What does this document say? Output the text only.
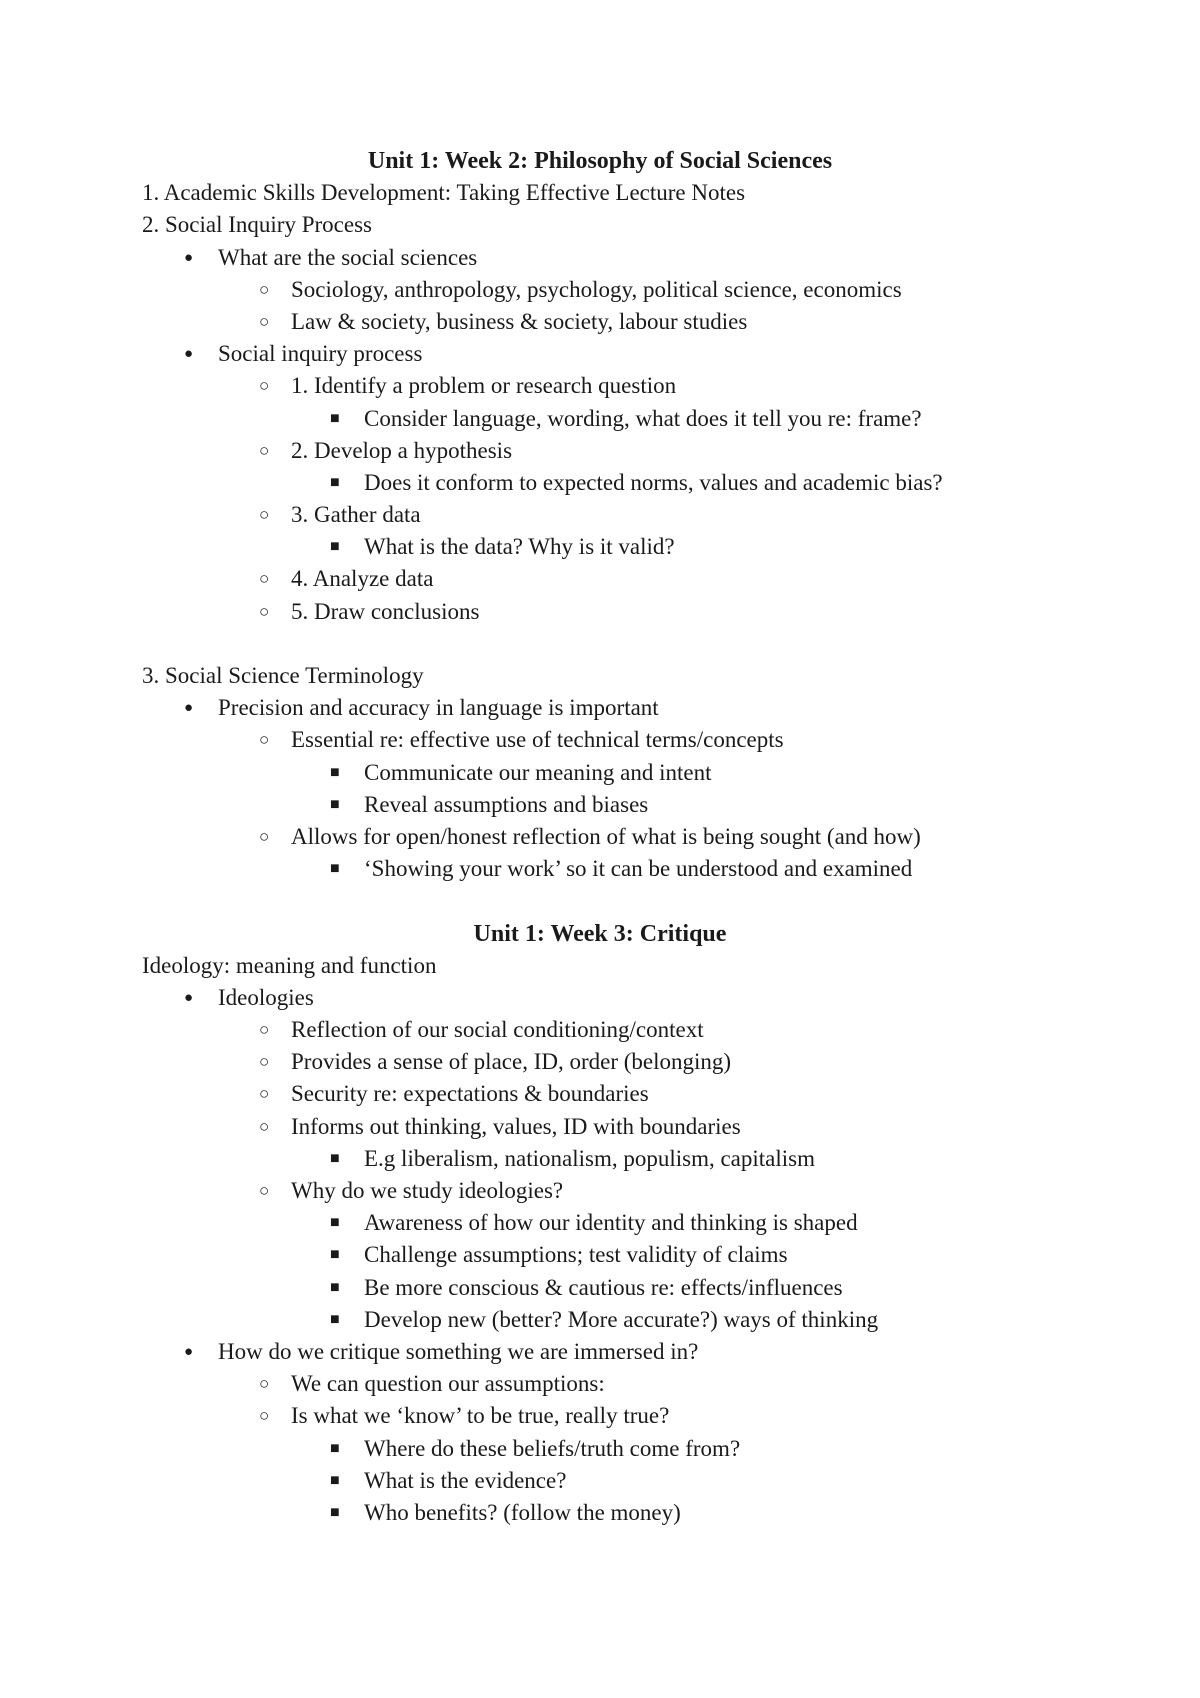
Unit 1: Week 2: Philosophy of Social Sciences
1. Academic Skills Development: Taking Effective Lecture Notes
2. Social Inquiry Process
● What are the social sciences
○ Sociology, anthropology, psychology, political science, economics
○ Law & society, business & society, labour studies
● Social inquiry process
○ 1. Identify a problem or research question
■ Consider language, wording, what does it tell you re: frame?
○ 2. Develop a hypothesis
■ Does it conform to expected norms, values and academic bias?
○ 3. Gather data
■ What is the data? Why is it valid?
○ 4. Analyze data
○ 5. Draw conclusions
3. Social Science Terminology
● Precision and accuracy in language is important
○ Essential re: effective use of technical terms/concepts
■ Communicate our meaning and intent
■ Reveal assumptions and biases
○ Allows for open/honest reflection of what is being sought (and how)
■ ‘Showing your work’ so it can be understood and examined
Unit 1: Week 3: Critique
Ideology: meaning and function
● Ideologies
○ Reflection of our social conditioning/context
○ Provides a sense of place, ID, order (belonging)
○ Security re: expectations & boundaries
○ Informs out thinking, values, ID with boundaries
■ E.g liberalism, nationalism, populism, capitalism
○ Why do we study ideologies?
■ Awareness of how our identity and thinking is shaped
■ Challenge assumptions; test validity of claims
■ Be more conscious & cautious re: effects/influences
■ Develop new (better? More accurate?) ways of thinking
● How do we critique something we are immersed in?
○ We can question our assumptions:
○ Is what we ‘know’ to be true, really true?
■ Where do these beliefs/truth come from?
■ What is the evidence?
■ Who benefits? (follow the money)
